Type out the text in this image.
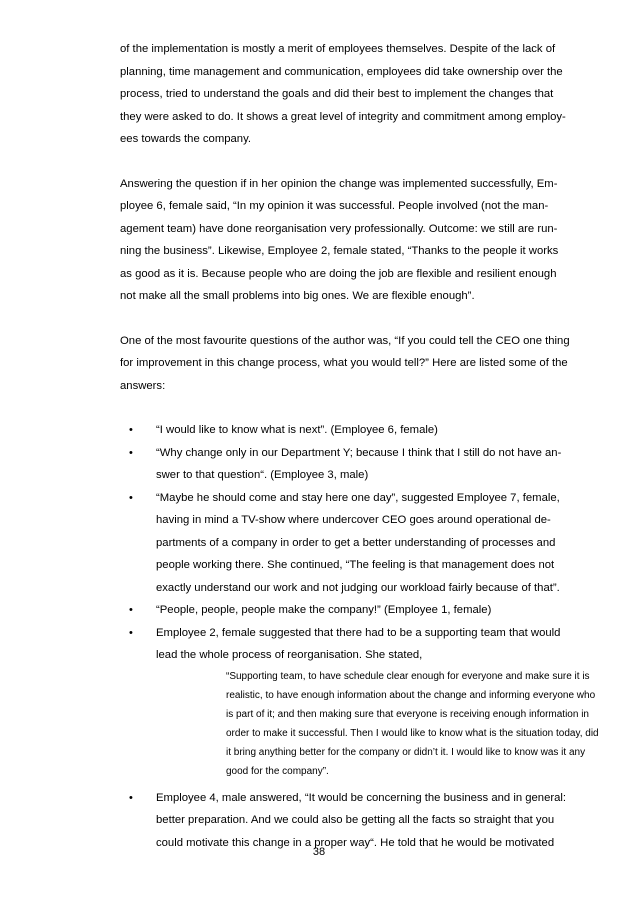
of the implementation is mostly a merit of employees themselves. Despite of the lack of
planning, time management and communication, employees did take ownership over the
process, tried to understand the goals and did their best to implement the changes that
they were asked to do. It shows a great level of integrity and commitment among employ-
ees towards the company.

Answering the question if in her opinion the change was implemented successfully, Em-
ployee 6, female said, “In my opinion it was successful. People involved (not the man-
agement team) have done reorganisation very professionally. Outcome: we still are run-
ning the business”. Likewise, Employee 2, female stated, “Thanks to the people it works
as good as it is. Because people who are doing the job are flexible and resilient enough
not make all the small problems into big ones. We are flexible enough”.

One of the most favourite questions of the author was, “If you could tell the CEO one thing
for improvement in this change process, what you would tell?” Here are listed some of the
answers:

• “I would like to know what is next”. (Employee 6, female)
• “Why change only in our Department Y; because I think that I still do not have an-
swer to that question“. (Employee 3, male)
• “Maybe he should come and stay here one day”, suggested Employee 7, female,
having in mind a TV-show where undercover CEO goes around operational de-
partments of a company in order to get a better understanding of processes and
people working there. She continued, “The feeling is that management does not
exactly understand our work and not judging our workload fairly because of that”.
• “People, people, people make the company!” (Employee 1, female)
• Employee 2, female suggested that there had to be a supporting team that would
lead the whole process of reorganisation. She stated,
“Supporting team, to have schedule clear enough for everyone and make sure it is
realistic, to have enough information about the change and informing everyone who
is part of it; and then making sure that everyone is receiving enough information in
order to make it successful. Then I would like to know what is the situation today, did
it bring anything better for the company or didn’t it. I would like to know was it any
good for the company”.
• Employee 4, male answered, “It would be concerning the business and in general:
better preparation. And we could also be getting all the facts so straight that you
could motivate this change in a proper way“. He told that he would be motivated
38
